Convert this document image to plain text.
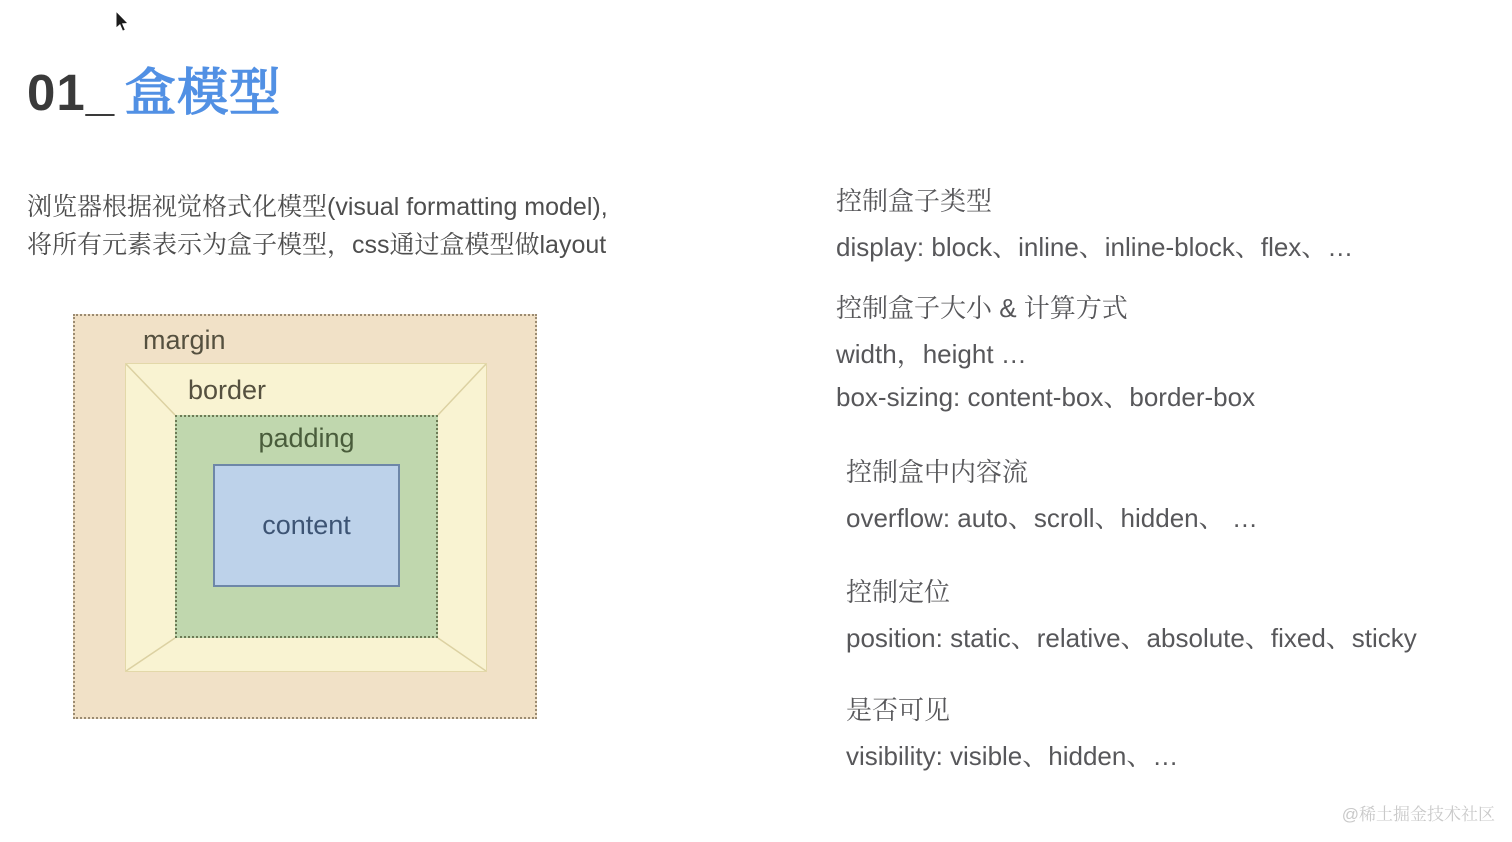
01_ 盒模型
浏览器根据视觉格式化模型(visual formatting model),
将所有元素表示为盒子模型，css通过盒模型做layout
margin
border
padding
content
控制盒子类型
display: block、inline、inline-block、flex、…
控制盒子大小 & 计算方式
width，height …
box-sizing: content-box、border-box
控制盒中内容流
overflow: auto、scroll、hidden、 …
控制定位
position: static、relative、absolute、fixed、sticky
是否可见
visibility: visible、hidden、…
@稀土掘金技术社区
